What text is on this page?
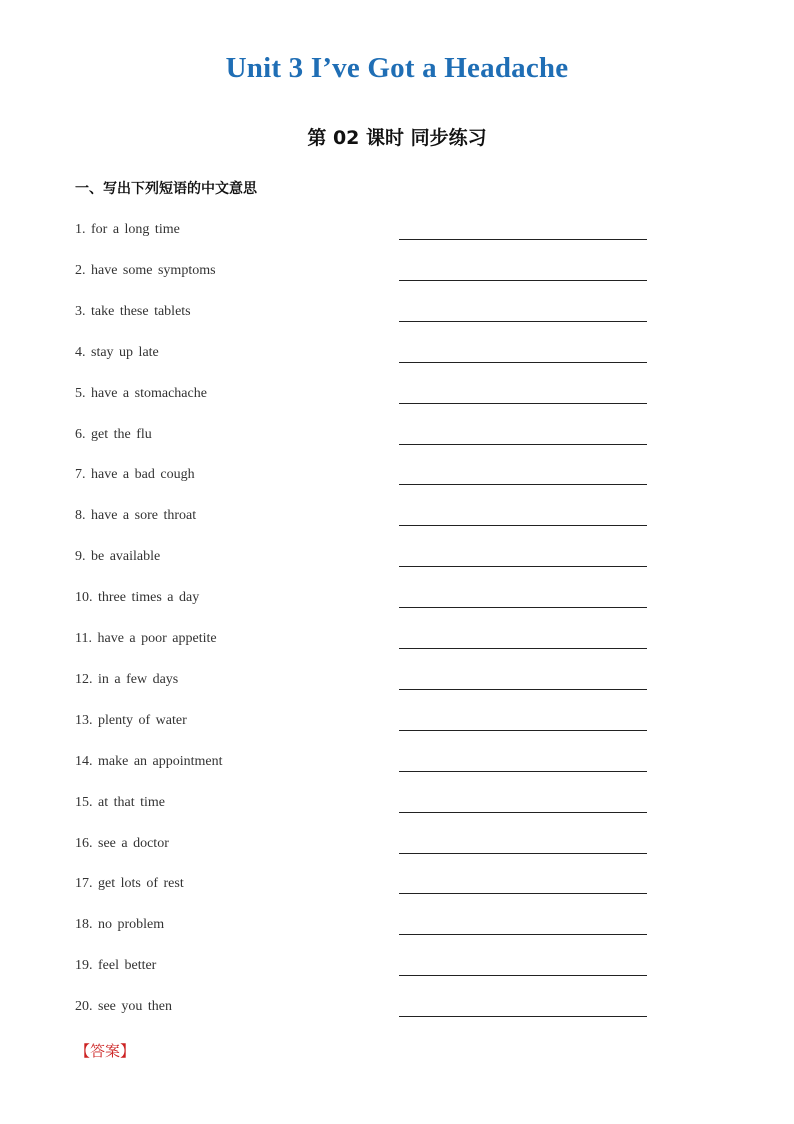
Unit 3 I’ve Got a Headache
第 02 课时 同步练习
一、写出下列短语的中文意思
1. for a long time
2. have some symptoms
3. take these tablets
4. stay up late
5. have a stomachache
6. get the flu
7. have a bad cough
8. have a sore throat
9. be available
10. three times a day
11. have a poor appetite
12. in a few days
13. plenty of water
14. make an appointment
15. at that time
16. see a doctor
17. get lots of rest
18. no problem
19. feel better
20. see you then
【答案】
